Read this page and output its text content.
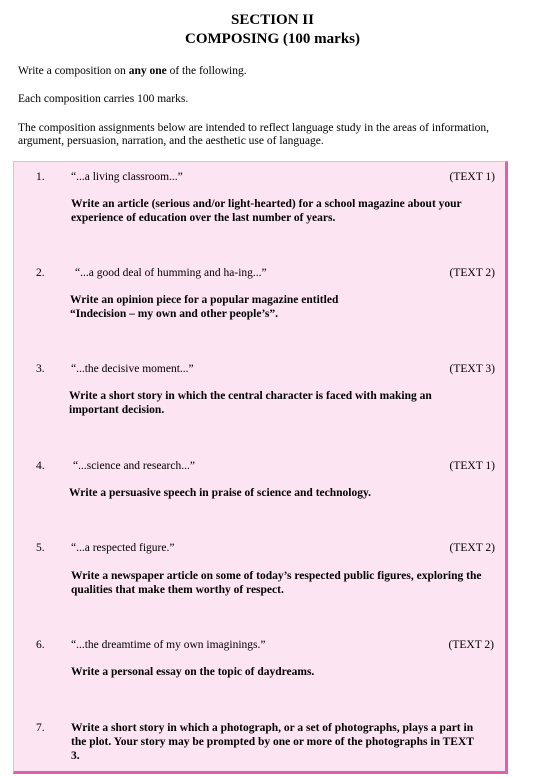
SECTION II
COMPOSING (100 marks)
Write a composition on any one of the following.
Each composition carries 100 marks.
The composition assignments below are intended to reflect language study in the areas of information, argument, persuasion, narration, and the aesthetic use of language.
1. “...a living classroom...”	(TEXT 1)
Write an article (serious and/or light-hearted) for a school magazine about your experience of education over the last number of years.
2.	“...a good deal of humming and ha-ing...”	(TEXT 2)
Write an opinion piece for a popular magazine entitled “Indecision – my own and other people’s”.
3. “...the decisive moment...”	(TEXT 3)
Write a short story in which the central character is faced with making an important decision.
4. “...science and research...”	(TEXT 1)
Write a persuasive speech in praise of science and technology.
5. “...a respected figure.”	(TEXT 2)
Write a newspaper article on some of today’s respected public figures, exploring the qualities that make them worthy of respect.
6. “...the dreamtime of my own imaginings.”	(TEXT 2)
Write a personal essay on the topic of daydreams.
7. Write a short story in which a photograph, or a set of photographs, plays a part in the plot. Your story may be prompted by one or more of the photographs in TEXT 3.
